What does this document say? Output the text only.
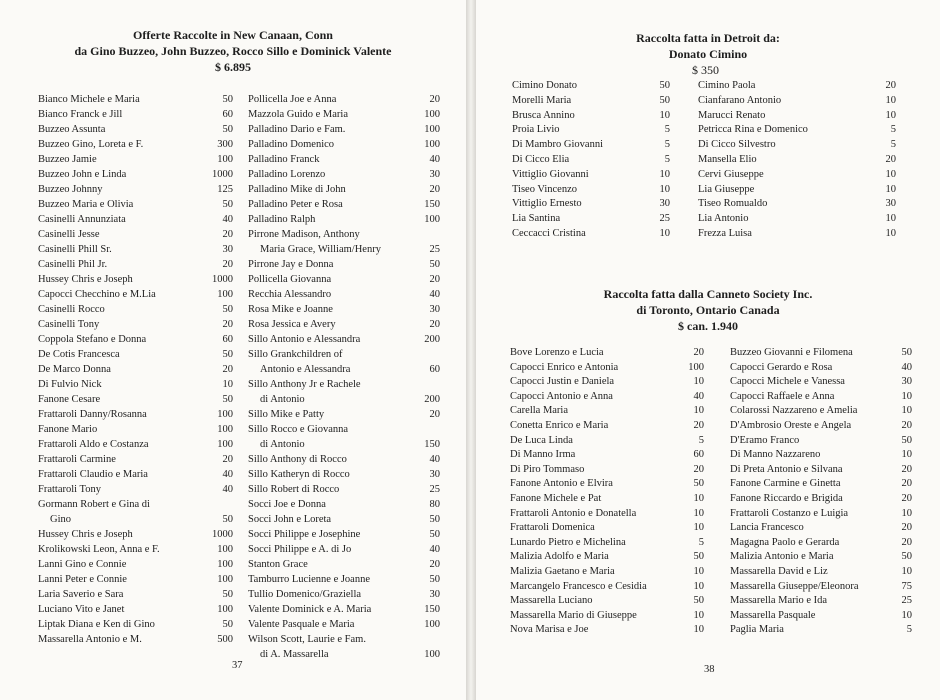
Offerte Raccolte in New Canaan, Conn
da Gino Buzzeo, John Buzzeo, Rocco Sillo e Dominick Valente
$ 6.895
Bianco Michele e Maria	50
Bianco Franck e Jill	60
Buzzeo Assunta	50
Buzzeo Gino, Loreta e F.	300
Buzzeo Jamie	100
Buzzeo John e Linda	1000
Buzzeo Johnny	125
Buzzeo Maria e Olivia	50
Casinelli Annunziata	40
Casinelli Jesse	20
Casinelli Phill Sr.	30
Casinelli Phil Jr.	20
Hussey Chris e Joseph	1000
Capocci Checchino e M.Lia	100
Casinelli Rocco	50
Casinelli Tony	20
Coppola Stefano e Donna	60
De Cotis Francesca	50
De Marco Donna	20
Di Fulvio Nick	10
Fanone Cesare	50
Frattaroli Danny/Rosanna	100
Fanone Mario	100
Frattaroli Aldo e Costanza	100
Frattaroli Carmine	20
Frattaroli Claudio e Maria	40
Frattaroli Tony	40
Gormann Robert e Gina di
Gino	50
Hussey Chris e Joseph	1000
Krolikowski Leon, Anna e F.	100
Lanni Gino e Connie	100
Lanni Peter e Connie	100
Laria Saverio e Sara	50
Luciano Vito e Janet	100
Liptak Diana e Ken di Gino	50
Massarella Antonio e M.	500
Pollicella Joe e Anna	20
Mazzola Guido e Maria	100
Palladino Dario e Fam.	100
Palladino Domenico	100
Palladino Franck	40
Palladino Lorenzo	30
Palladino Mike di John	20
Palladino Peter e Rosa	150
Palladino Ralph	100
Pirrone Madison, Anthony
Maria Grace, William/Henry	25
Pirrone Jay e Donna	50
Pollicella Giovanna	20
Recchia Alessandro	40
Rosa Mike e Joanne	30
Rosa Jessica e Avery	20
Sillo Antonio e Alessandra	200
Sillo Grankchildren of
Antonio e Alessandra	60
Sillo Anthony Jr e Rachele
di Antonio	200
Sillo Mike e Patty	20
Sillo Rocco e Giovanna
di Antonio	150
Sillo Anthony di Rocco	40
Sillo Katheryn di Rocco	30
Sillo Robert di Rocco	25
Socci Joe e Donna	80
Socci John e Loreta	50
Socci Philippe e Josephine	50
Socci Philippe e A. di Jo	40
Stanton Grace	20
Tamburro Lucienne e Joanne	50
Tullio Domenico/Graziella	30
Valente Dominick e A. Maria	150
Valente Pasquale e Maria	100
Wilson Scott, Laurie e Fam.
di A. Massarella	100
37
Raccolta fatta in Detroit da:
Donato Cimino
$ 350
Cimino Donato	50
Morelli Maria	50
Brusca Annino	10
Proia Livio	5
Di Mambro Giovanni	5
Di Cicco Elia	5
Vittiglio Giovanni	10
Tiseo Vincenzo	10
Vittiglio Ernesto	30
Lia Santina	25
Ceccacci Cristina	10
Cimino Paola	20
Cianfarano Antonio	10
Marucci Renato	10
Petricca Rina e Domenico	5
Di Cicco Silvestro	5
Mansella Elio	20
Cervi Giuseppe	10
Lia Giuseppe	10
Tiseo Romualdo	30
Lia Antonio	10
Frezza Luisa	10
Raccolta fatta dalla Canneto Society Inc.
di Toronto, Ontario Canada
$ can. 1.940
Bove Lorenzo e Lucia	20
Capocci Enrico e Antonia	100
Capocci Justin e Daniela	10
Capocci Antonio e Anna	40
Carella Maria	10
Conetta Enrico e Maria	20
De Luca Linda	5
Di Manno Irma	60
Di Piro Tommaso	20
Fanone Antonio e Elvira	50
Fanone Michele e Pat	10
Frattaroli Antonio e Donatella	10
Frattaroli Domenica	10
Lunardo Pietro e Michelina	5
Malizia Adolfo e Maria	50
Malizia Gaetano e Maria	10
Marcangelo Francesco e Cesidia	10
Massarella Luciano	50
Massarella Mario di Giuseppe	10
Nova Marisa e Joe	10
Buzzeo Giovanni e Filomena	50
Capocci Gerardo e Rosa	40
Capocci Michele e Vanessa	30
Capocci Raffaele e Anna	10
Colarossi Nazzareno e Amelia	10
D'Ambrosio Oreste e Angela	20
D'Eramo Franco	50
Di Manno Nazzareno	10
Di Preta Antonio e Silvana	20
Fanone Carmine e Ginetta	20
Fanone Riccardo e Brigida	20
Frattaroli Costanzo e Luigia	10
Lancia Francesco	20
Magagna Paolo e Gerarda	20
Malizia Antonio e Maria	50
Massarella David e Liz	10
Massarella Giuseppe/Eleonora	75
Massarella Mario e Ida	25
Massarella Pasquale	10
Paglia Maria	5
38
